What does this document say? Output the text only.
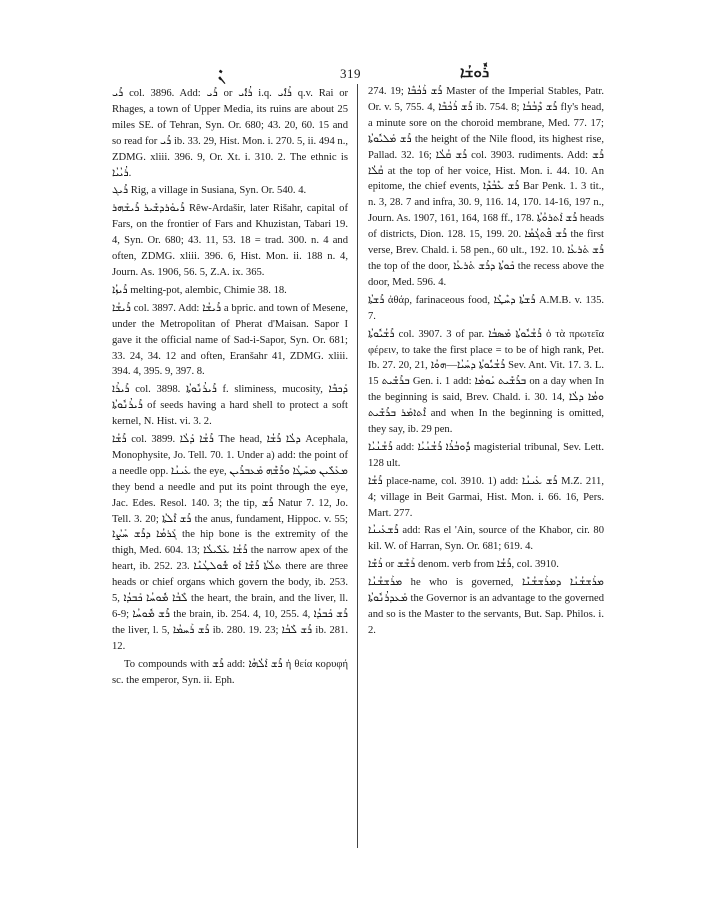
ܢܶ	319	ܪܽܘܫܳܐ

ܪܺܝ col. 3896. Add: ܪܺܝ or ܪܳܐܺܝ i.q. ܪܳܐܺܝ q.v. Rai or Rhages, a town of Upper Media, its ruins are about 25 miles SE. of Tehran, Syn. Or. 680; 43. 20, 60. 15 and so read for ܪܺܝ ib. 33. 29, Hist. Mon. i. 270. 5, ii. 494 n., ZDMG. xliii. 396. 9, Or. Xt. i. 310. 2. The ethnic is ܪܳܝܳܝܳܐ.

ܪܺܝܓ Rig, a village in Susiana, Syn. Or. 540. 4.

ܪܺܝܘܰܪܕܫܺܝܪ ܪܺܝܫܰܗܪ Rêw-Ardašir, later Rišahr, capital of Fars, on the frontier of Fars and Khuzistan, Tabari 19. 4, Syn. Or. 680; 43. 11, 53. 18 = trad. 300. n. 4 and often, ZDMG. xliii. 396. 6, Hist. Mon. ii. 188 n. 4, Journ. As. 1906, 56. 5, Z.A. ix. 365.

ܪܺܝܙܳܐ melting-pot, alembic, Chimie 38. 18.

ܪܺܝܫܳܐ col. 3897. Add: ܪܺܝܫܳܐ a bpric. and town of Mesene, under the Metropolitan of Pherat d'Maisan. Sapor I gave it the official name of Sad-i-Sapor, Syn. Or. 681; 33. 24, 34. 12 and often, Eranšahr 41, ZDMG. xliii. 394. 4, 395. 9, 397. 8.

ܪܺܝܪܳܐ col. 3898. ܪܺܝܪܳܢܽܘܬܳܐ f. sliminess, mucosity, ܕܰܟܒܶܐ ܪܺܝܪܳܢܽܘܬܳܐ of seeds having a hard shell to protect a soft kernel, N. Hist. vi. 3. 2.

ܪܺܫܳܐ col. 3899. ܪܺܫܳܐ ܕܰܠܳܐ The head, ܕܠܳܐ ܪܺܫܳܐ Acephala, Monophysite, Jo. Tell. 70. 1. Under a) add: the point of a needle opp. ܥܰܝܢܳܐ the eye, ܡܥܰܠܺܝܢ ܡܚܰܛܳܐ ܘܪܺܫܶܗ ܡܰܥܒܪܺܝܢ they bend a needle and put its point through the eye, Jac. Edes. Resol. 140. 3; the tip, ܪܺܫ Natur 7. 12, Jo. Tell. 3. 20; ܪܺܫ ܐܶܠܬܳܐ the anus, fundament, Hippoc. v. 55; ܓܰܪܡܳܐ ܕܪܺܫ ܚܰܨܳܐ the hip bone is the extremity of the thigh, Med. 604. 13; ܪܺܫܳܐ ܥܰܠܺܝܠܳܐ the narrow apex of the heart, ib. 252. 23. ܬܠܳܬܳܐ ܪܺܫܶܐ ܐܰܘ ܫܽܘܠܛܳܢܶܐ there are three heads or chief organs which govern the body, ib. 253. 5, ܠܶܒܳܐ ܡܽܘܚܳܐ ܟܰܒܕܳܐ the heart, the brain, and the liver, ll. 6-9; ܪܺܫ ܡܽܘܚܳܐ the brain, ib. 254. 4, 10, 255. 4, ܪܺܫ ܟܰܒܕܳܐ the liver, l. 5, ܪܺܫ ܪܰܚܡܳܐ ib. 280. 19. 23; ܪܺܫ ܠܶܒܳܐ ib. 281. 12.

To compounds with ܪܺܫ add: ܪܺܫ ܐܰܠܳܗܳܐ ἡ θεία κορυφή sc. the emperor, Syn. ii. Eph.

274. 19; ܪܺܫ ܪܰܟܳܒܶܐ Master of the Imperial Stables, Patr. Or. v. 5, 755. 4, ܪܺܫ ܪܰܟܳܒܶܐ ib. 754. 8; ܪܺܫ ܕܶܒܳܒܳܐ fly's head, a minute sore on the choroid membrane, Med. 77. 17; ܪܺܫ ܡܰܠܝܽܘܬܳܐ the height of the Nile flood, its highest rise, Pallad. 32. 16; ܪܺܫ ܩܳܠܳܐ col. 3903. rudiments. Add: ܪܺܫ ܩܳܠܳܐ at the top of her voice, Hist. Mon. i. 44. 10. An epitome, the chief events, ܪܺܫ ܥܶܒܳܕܶܐ Bar Penk. 1. 3 tit., n. 3, 28. 7 and infra, 30. 9, 116. 14, 170. 14-16, 197 n., Journ. As. 1907, 161, 164, 168 ff., 178. ܪܺܫ ܐܰܬܪܘܳܬܳܐ heads of districts, Dion. 128. 15, 199. 20. ܪܺܫ ܦܶܬܓܳܡܳܐ the first verse, Brev. Chald. i. 58 pen., 60 ult., 192. 10. ܪܺܫ ܬܰܪܥܳܐ the top of the door, ܟܰܘܬܳܐ ܕܪܺܫ ܬܰܪܥܳܐ the recess above the door, Med. 596. 4.

ܪܺܫܬܳܐ ἀθάρ, farinaceous food, ܪܺܫܬܳܐ ܕܚܶܛܶܐ A.M.B. v. 135. 7.

ܪܺܫܳܝܽܘܬܳܐ col. 3907. 3 of par. ܪܺܫܳܝܽܘܬܳܐ ܡܰܣܒܳܐ ὁ τὰ πρωτεῖα φέρειν, to take the first place = to be of high rank, Pet. Ib. 27. 20, 21, ܪܺܫܳܝܽܘܬܳܐ ܕܚܰܝܳܐ—ܗܘܳܐ Sev. Ant. Vit. 17. 3. L. 15 ܒܪܺܫܺܝܬ Gen. i. 1 add: ܒܪܺܫܺܝܬ ܝܰܘܡܳܐ on a day when In the beginning is said, Brev. Chald. i. 30. 14, ܘܡܳܐ ܕܠܳܐ ܐܶܬܐܡܰܪ ܒܪܺܫܺܝܬ and when In the beginning is omitted, they say, ib. 29 pen.

ܪܺܫܳܢܳܝܳܐ add: ܕܽܘܒܳܪܳܐ ܪܺܫܳܢܳܝܳܐ magisterial tribunal, Sev. Lett. 128 ult.

ܪܺܫܳܐ place-name, col. 3910. 1) add: ܪܺܫ ܥܰܝܢܳܐ M.Z. 211, 4; village in Beit Garmai, Hist. Mon. i. 66. 16, Pers. Mart. 277.

ܪܺܫܥܰܝܢܳܐ add: Ras el 'Ain, source of the Khabor, cir. 80 kil. W. of Harran, Syn. Or. 681; 619. 4.

ܪܰܫܶܐ or ܪܰܫܶܫ denom. verb from ܪܺܫܳܐ, col. 3910.

ܡܪܰܫܫܳܢܳܐ he who is governed, ܡܪܰܫܫܳܢܳܐ ܕܡܪܰܫܫܳܢܶܐ ܡܰܥܕܪܳܢܽܘܬܳܐ the Governor is an advantage to the governed and so is the Master to the servants, But. Sap. Philos. i. 2.
